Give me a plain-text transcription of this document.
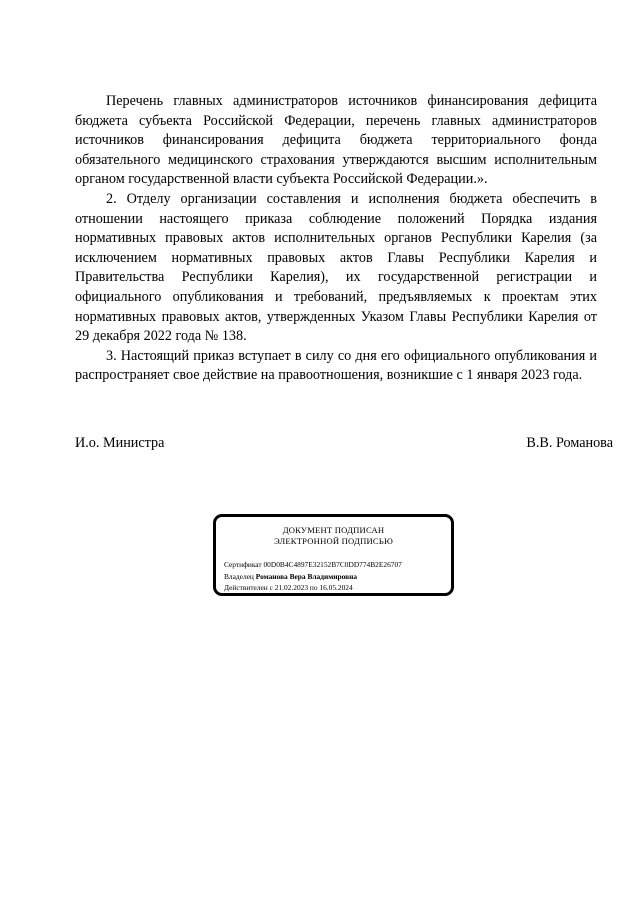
Перечень главных администраторов источников финансирования дефицита бюджета субъекта Российской Федерации, перечень главных администраторов источников финансирования дефицита бюджета территориального фонда обязательного медицинского страхования утверждаются высшим исполнительным органом государственной власти субъекта Российской Федерации.».

2. Отделу организации составления и исполнения бюджета обеспечить в отношении настоящего приказа соблюдение положений Порядка издания нормативных правовых актов исполнительных органов Республики Карелия (за исключением нормативных правовых актов Главы Республики Карелия и Правительства Республики Карелия), их государственной регистрации и официального опубликования и требований, предъявляемых к проектам этих нормативных правовых актов, утвержденных Указом Главы Республики Карелия от 29 декабря 2022 года № 138.

3. Настоящий приказ вступает в силу со дня его официального опубликования и распространяет свое действие на правоотношения, возникшие с 1 января 2023 года.

И.о. Министра	В.В. Романова
ДОКУМЕНТ ПОДПИСАН
ЭЛЕКТРОННОЙ ПОДПИСЬЮ
Сертификат 00D0B4C4897E32152B7C0DD774B2E26707
Владелец Романова Вера Владимировна
Действителен с 21.02.2023 по 16.05.2024
